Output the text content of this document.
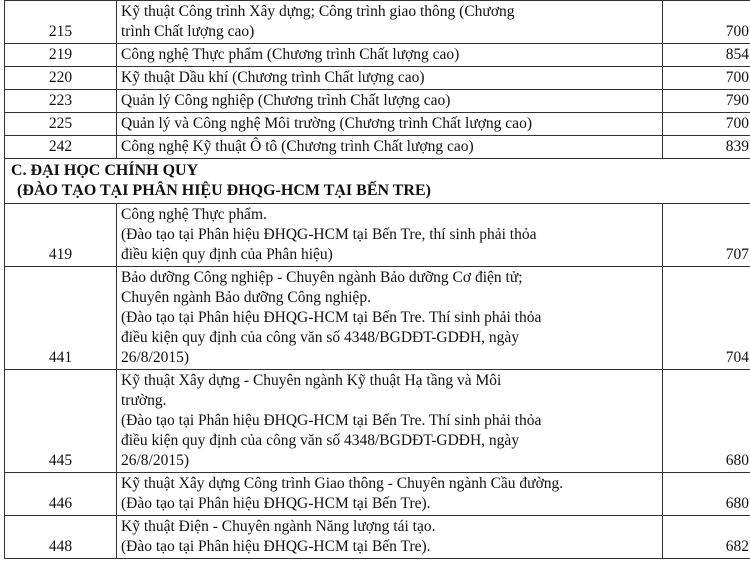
215	Kỹ thuật Công trình Xây dựng; Công trình giao thông (Chương
trình Chất lượng cao)	700
219	Công nghệ Thực phẩm (Chương trình Chất lượng cao)	854
220	Kỹ thuật Dầu khí (Chương trình Chất lượng cao)	700
223	Quản lý Công nghiệp (Chương trình Chất lượng cao)	790
225	Quản lý và Công nghệ Môi trường (Chương trình Chất lượng cao)	700
242	Công nghệ Kỹ thuật Ô tô (Chương trình Chất lượng cao)	839

C. ĐẠI HỌC CHÍNH QUY
(ĐÀO TẠO TẠI PHÂN HIỆU ĐHQG-HCM TẠI BẾN TRE)		

419	Công nghệ Thực phẩm.
(Đào tạo tại Phân hiệu ĐHQG-HCM tại Bến Tre, thí sinh phải thỏa
điều kiện quy định của Phân hiệu)	707
441	Bảo dưỡng Công nghiệp - Chuyên ngành Bảo dưỡng Cơ điện tử;
Chuyên ngành Bảo dưỡng Công nghiệp.
(Đào tạo tại Phân hiệu ĐHQG-HCM tại Bến Tre. Thí sinh phải thỏa
điều kiện quy định của công văn số 4348/BGDĐT-GDĐH, ngày
26/8/2015)	704
445	Kỹ thuật Xây dựng - Chuyên ngành Kỹ thuật Hạ tầng và Môi
trường.
(Đào tạo tại Phân hiệu ĐHQG-HCM tại Bến Tre. Thí sinh phải thỏa
điều kiện quy định của công văn số 4348/BGDĐT-GDĐH, ngày
26/8/2015)	680
446	Kỹ thuật Xây dựng Công trình Giao thông - Chuyên ngành Cầu đường.
(Đào tạo tại Phân hiệu ĐHQG-HCM tại Bến Tre).	680
448	Kỹ thuật Điện - Chuyên ngành Năng lượng tái tạo.
(Đào tạo tại Phân hiệu ĐHQG-HCM tại Bến Tre).	682
